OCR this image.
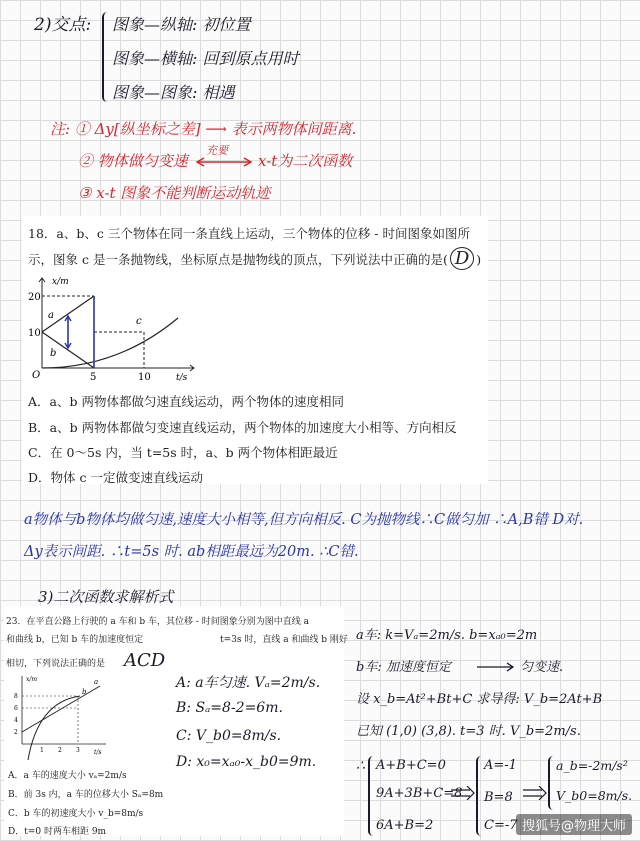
2)交点: 图象—纵轴: 初位置
图象—横轴: 回到原点用时
图象—图象: 相遇
注: ① Δy[纵坐标之差] ⟶ 表示两物体间距离.
② 物体做匀变速
充要
x-t为二次函数
③ x-t 图象不能判断运动轨迹
18．a、b、c 三个物体在同一条直线上运动，三个物体的位移 - 时间图象如图所
示，图象 c 是一条抛物线，坐标原点是抛物线的顶点，下列说法中正确的是( D )
x/m
t/s
20
10
5	10
O
a
b
c
A．a、b 两物体都做匀速直线运动，两个物体的速度相同
B．a、b 两物体都做匀变速直线运动，两个物体的加速度大小相等、方向相反
C．在 0～5s 内，当 t=5s 时，a、b 两个物体相距最近
D．物体 c 一定做变速直线运动
a物体与b物体均做匀速,速度大小相等,但方向相反. C为抛物线∴C做匀加 ∴A,B错 D对.
Δy表示间距. ∴t=5s 时. ab相距最远为20m. ∴C错.
3)二次函数求解析式
23．在平直公路上行驶的 a 车和 b 车，其位移 - 时间图象分别为图中直线 a
和曲线 b，已知 b 车的加速度恒定	t=3s 时，直线 a 和曲线 b 刚好
相切，下列说法正确的是 ACD
x/m
t/s
8
6
4
2
1 2 3
a
b
A．a 车的速度大小 vₐ=2m/s
B．前 3s 内，a 车的位移大小 Sₐ=8m
C．b 车的初速度大小 v_b=8m/s
D．t=0 时两车相距 9m
A: a车匀速. Vₐ=2m/s.
B: Sₐ=8-2=6m.
C: V_b0=8m/s.
D: x₀=xₐ₀-x_b0=9m.
a车: k=Vₐ=2m/s. b=xₐ₀=2m
b车: 加速度恒定	匀变速.
设 x_b=At²+Bt+C 求导得: V_b=2At+B
已知 (1,0) (3,8). t=3 时. V_b=2m/s.
∴ A+B+C=0
9A+3B+C=8
6A+B=2
A=-1
B=8
C=-7
a_b=-2m/s²
V_b0=8m/s.
搜狐号@物理大师
